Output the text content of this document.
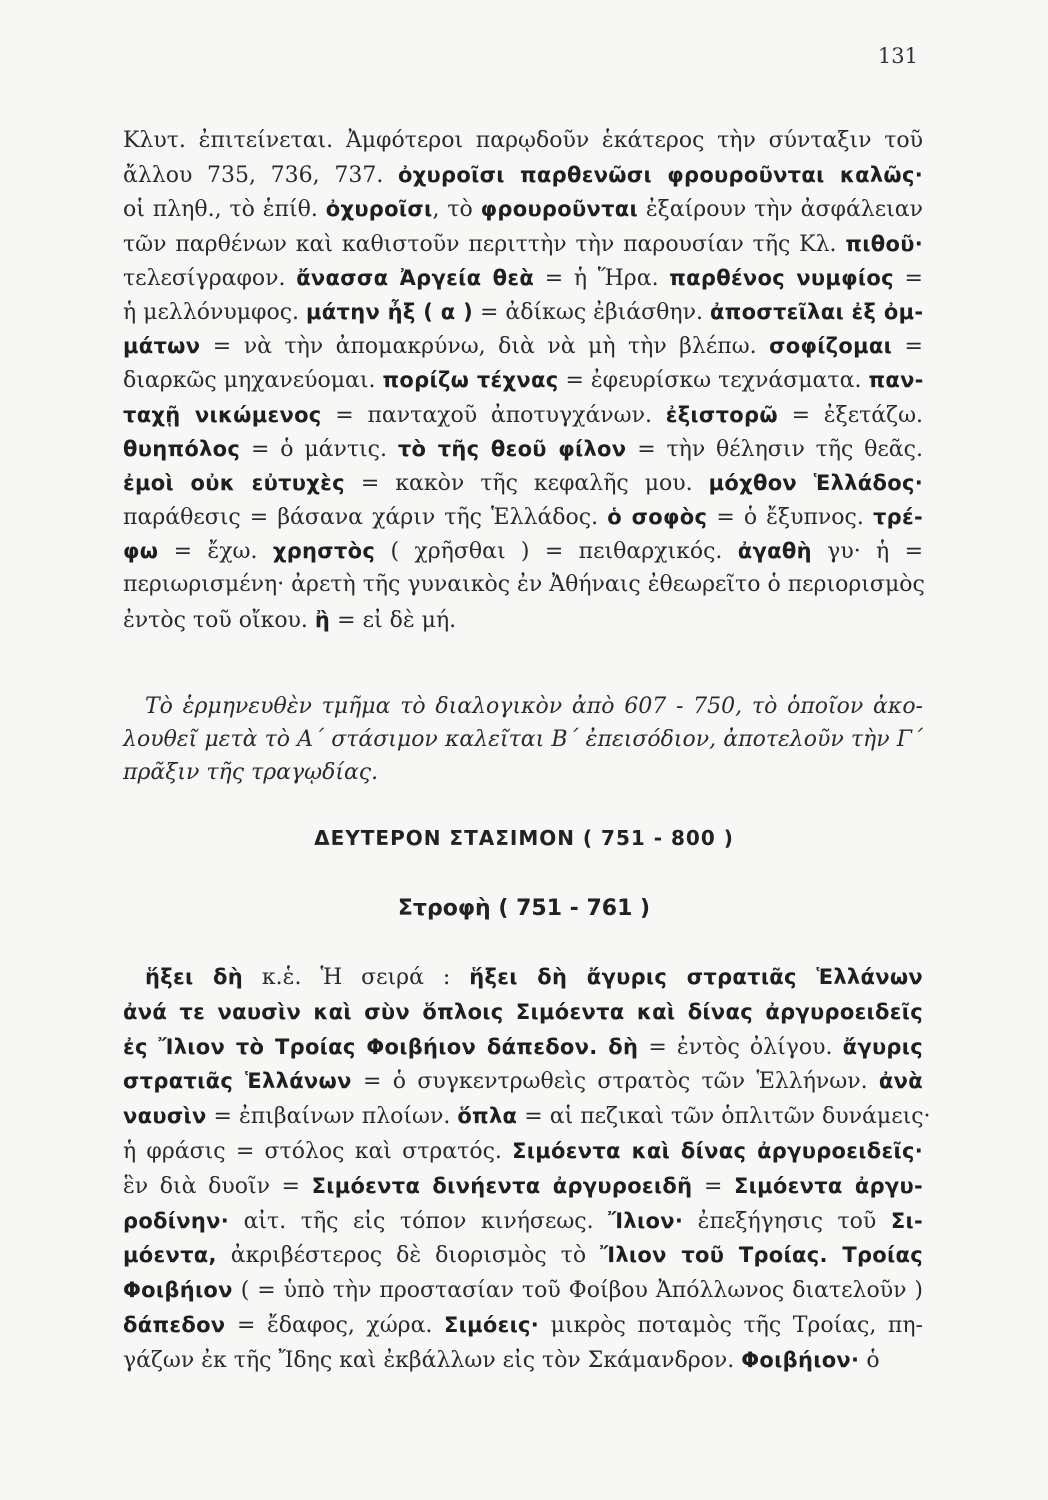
131
Κλυτ. ἐπιτείνεται. Ἀμφότεροι παρῳδοῦν ἑκάτερος τὴν σύνταξιν τοῦ
ἄλλου 735, 736, 737. ὀχυροῖσι παρθενῶσι φρουροῦνται καλῶς·
οἱ πληθ., τὸ ἑπίθ. ὀχυροῖσι, τὸ φρουροῦνται ἐξαίρουν τὴν ἀσφάλειαν
τῶν παρθένων καὶ καθιστοῦν περιττὴν τὴν παρουσίαν τῆς Κλ. πιθοῦ·
τελεσίγραφον. ἄνασσα Ἀργεία θεὰ = ἡ Ἥρα. παρθένος νυμφίος =
ἡ μελλόνυμφος. μάτην ἦξ ( α ) = ἀδίκως ἐβιάσθην. ἀποστεῖλαι ἐξ ὀμ-
μάτων = νὰ τὴν ἀπομακρύνω, διὰ νὰ μὴ τὴν βλέπω. σοφίζομαι =
διαρκῶς μηχανεύομαι. πορίζω τέχνας = ἐφευρίσκω τεχνάσματα. παν-
ταχῇ νικώμενος = πανταχοῦ ἀποτυγχάνων. ἐξιστορῶ = ἐξετάζω.
θυηπόλος = ὁ μάντις. τὸ τῆς θεοῦ φίλον = τὴν θέλησιν τῆς θεᾶς.
ἐμοὶ οὐκ εὐτυχὲς = κακὸν τῆς κεφαλῆς μου. μόχθον Ἑλλάδος·
παράθεσις = βάσανα χάριν τῆς Ἑλλάδος. ὁ σοφὸς = ὁ ἔξυπνος. τρέ-
φω = ἔχω. χρηστὸς ( χρῆσθαι ) = πειθαρχικός. ἀγαθὴ γυ· ἡ =
περιωρισμένη· ἀρετὴ τῆς γυναικὸς ἐν Ἀθήναις ἐθεωρεῖτο ὁ περιορισμὸς
ἐντὸς τοῦ οἴκου. ἢ = εἰ δὲ μή.
Τὸ ἑρμηνευθὲν τμῆμα τὸ διαλογικὸν ἀπὸ 607 - 750, τὸ ὁποῖον ἀκο-
λουθεῖ μετὰ τὸ Α΄ στάσιμον καλεῖται Β΄ ἐπεισόδιον, ἀποτελοῦν τὴν Γ΄
πρᾶξιν τῆς τραγῳδίας.
ΔΕΥΤΕΡΟΝ ΣΤΑΣΙΜΟΝ ( 751 - 800 )
Στροφὴ ( 751 - 761 )
ἥξει δὴ κ.ἑ. Ἡ σειρά : ἥξει δὴ ἄγυρις στρατιᾶς Ἑλλάνων
ἀνά τε ναυσὶν καὶ σὺν ὅπλοις Σιμόεντα καὶ δίνας ἀργυροειδεῖς
ἐς Ἴλιον τὸ Τροίας Φοιβήιον δάπεδον. δὴ = ἐντὸς ὀλίγου. ἄγυρις
στρατιᾶς Ἑλλάνων = ὁ συγκεντρωθεὶς στρατὸς τῶν Ἑλλήνων. ἀνὰ
ναυσὶν = ἐπιβαίνων πλοίων. ὅπλα = αἱ πεζικαὶ τῶν ὁπλιτῶν δυνάμεις·
ἡ φράσις = στόλος καὶ στρατός. Σιμόεντα καὶ δίνας ἀργυροειδεῖς·
ἓν διὰ δυοῖν = Σιμόεντα δινήεντα ἀργυροειδῆ = Σιμόεντα ἀργυ-
ροδίνην· αἰτ. τῆς εἰς τόπον κινήσεως. Ἴλιον· ἐπεξήγησις τοῦ Σι-
μόεντα, ἀκριβέστερος δὲ διορισμὸς τὸ Ἴλιον τοῦ Τροίας. Τροίας
Φοιβήιον ( = ὑπὸ τὴν προστασίαν τοῦ Φοίβου Ἀπόλλωνος διατελοῦν )
δάπεδον = ἔδαφος, χώρα. Σιμόεις· μικρὸς ποταμὸς τῆς Τροίας, πη-
γάζων ἐκ τῆς Ἴδης καὶ ἐκβάλλων εἰς τὸν Σκάμανδρον. Φοιβήιον· ὁ
